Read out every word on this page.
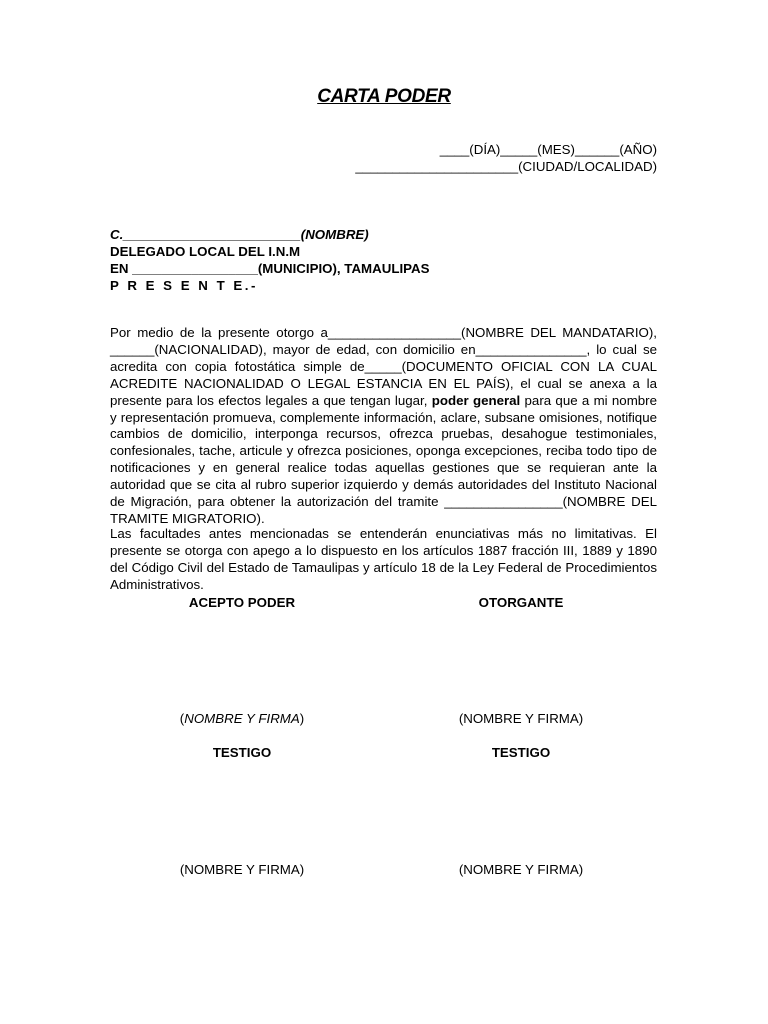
CARTA PODER
____(DÍA)_____(MES)______(AÑO)
______________________(CIUDAD/LOCALIDAD)
C.________________________(NOMBRE)
DELEGADO LOCAL DEL I.N.M
EN _________________(MUNICIPIO), TAMAULIPAS
P R E S E N T E.-

Por medio de la presente otorgo a__________________(NOMBRE DEL MANDATARIO), ______(NACIONALIDAD), mayor de edad, con domicilio en_______________, lo cual se acredita con copia fotostática simple de_____(DOCUMENTO OFICIAL CON LA CUAL ACREDITE NACIONALIDAD O LEGAL ESTANCIA EN EL PAÍS), el cual se anexa a la presente para los efectos legales a que tengan lugar, poder general para que a mi nombre y representación promueva, complemente información, aclare, subsane omisiones, notifique cambios de domicilio, interponga recursos, ofrezca pruebas, desahogue testimoniales, confesionales, tache, articule y ofrezca posiciones, oponga excepciones, reciba todo tipo de notificaciones y en general realice todas aquellas gestiones que se requieran ante la autoridad que se cita al rubro superior izquierdo y demás autoridades del Instituto Nacional de Migración, para obtener la autorización del tramite ________________(NOMBRE DEL TRAMITE MIGRATORIO).

Las facultades antes mencionadas se entenderán enunciativas más no limitativas. El presente se otorga con apego a lo dispuesto en los artículos 1887 fracción III, 1889 y 1890 del Código Civil del Estado de Tamaulipas y artículo 18 de la Ley Federal de Procedimientos Administrativos.

ACEPTO PODER	OTORGANTE
(NOMBRE Y FIRMA)	(NOMBRE Y FIRMA)
TESTIGO	TESTIGO
(NOMBRE Y FIRMA)	(NOMBRE Y FIRMA)
